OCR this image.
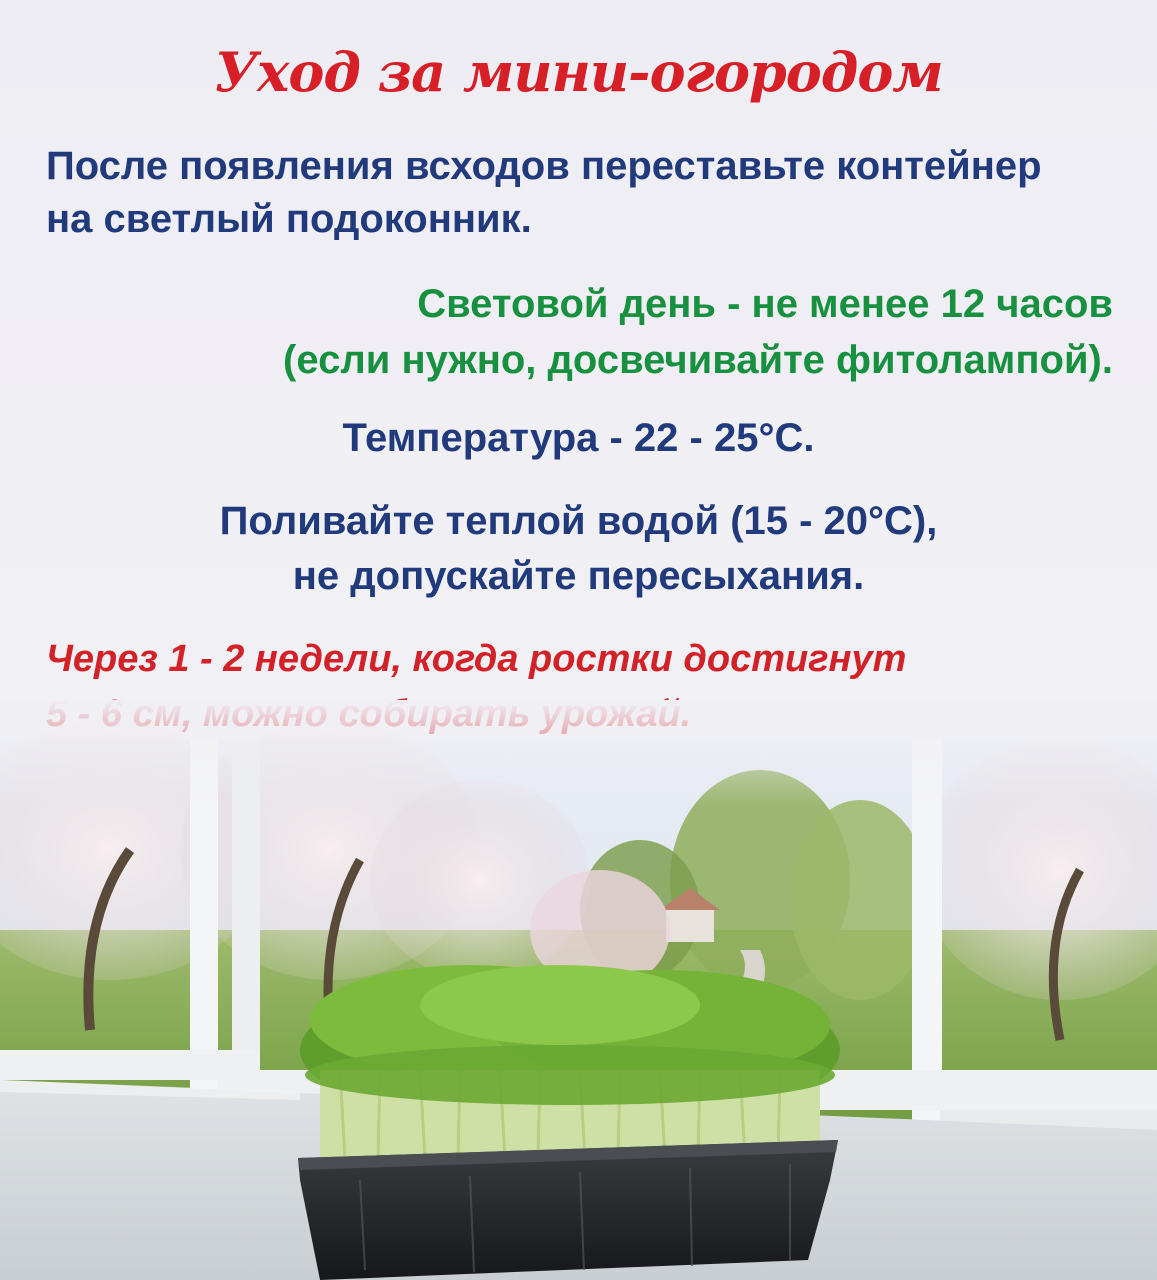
Уход за мини-огородом

После появления всходов переставьте контейнер
на светлый подоконник.

Световой день - не менее 12 часов
(если нужно, досвечивайте фитолампой).

Температура - 22 - 25°С.

Поливайте теплой водой (15 - 20°С),
не допускайте пересыхания.

Через 1 - 2 недели, когда ростки достигнут
